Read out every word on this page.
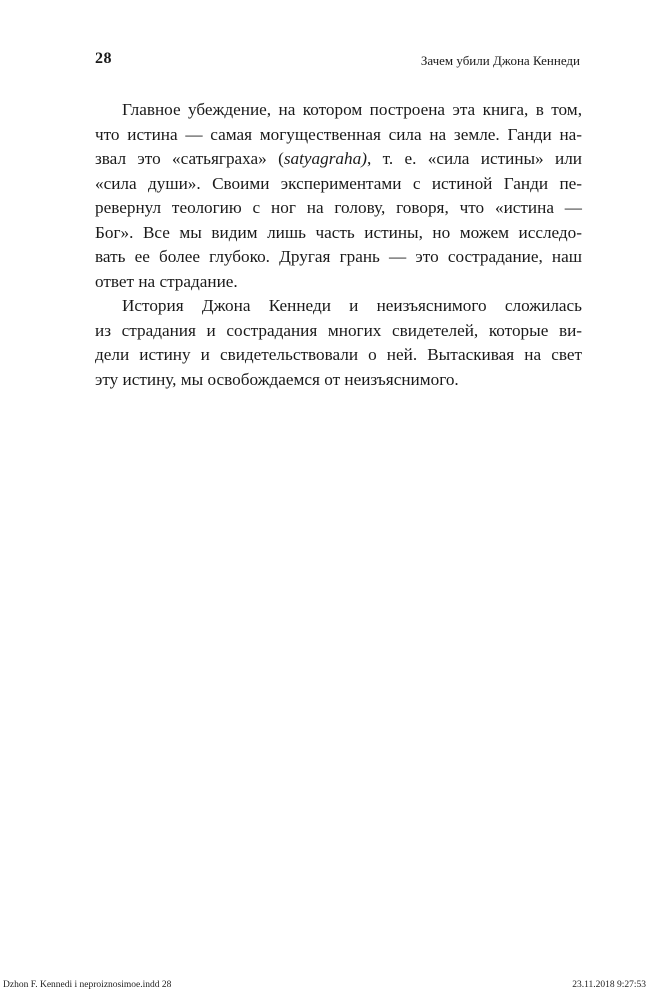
28	Зачем убили Джона Кеннеди
Главное убеждение, на котором построена эта книга, в том,
что истина — самая могущественная сила на земле. Ганди на-
звал это «сатьяграха» (satyagraha), т. е. «сила истины» или
«сила души». Своими экспериментами с истиной Ганди пе-
ревернул теологию с ног на голову, говоря, что «истина —
Бог». Все мы видим лишь часть истины, но можем исследо-
вать ее более глубоко. Другая грань — это сострадание, наш
ответ на страдание.
История Джона Кеннеди и неизъяснимого сложилась
из страдания и сострадания многих свидетелей, которые ви-
дели истину и свидетельствовали о ней. Вытаскивая на свет
эту истину, мы освобождаемся от неизъяснимого.
Dzhon F. Kennedi i neproiznosimoe.indd 28	23.11.2018 9:27:53
